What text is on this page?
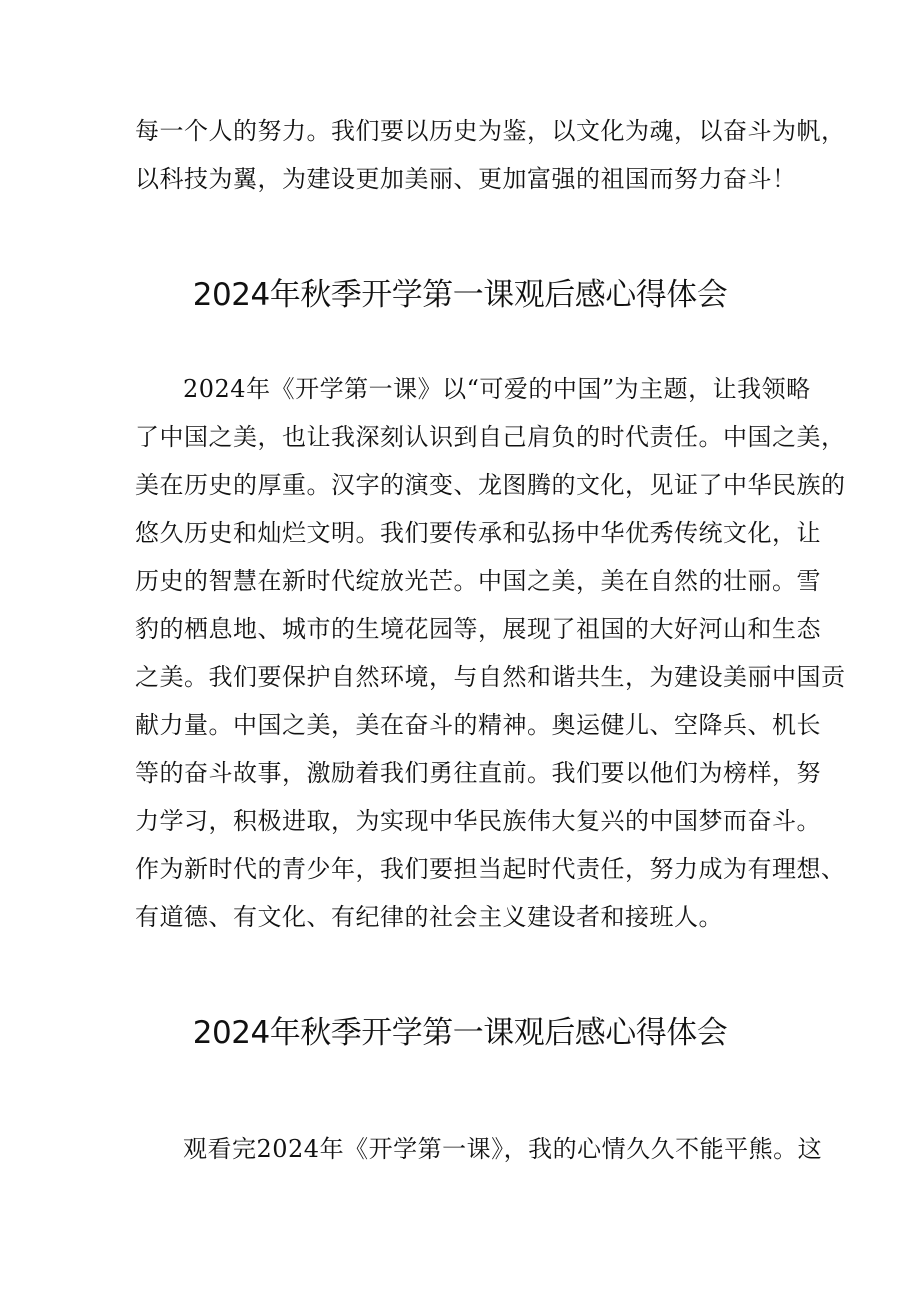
每一个人的努力。我们要以历史为鉴，以文化为魂，以奋斗为帆，
以科技为翼，为建设更加美丽、更加富强的祖国而努力奋斗！
2024年秋季开学第一课观后感心得体会
2024年《开学第一课》以“可爱的中国”为主题，让我领略
了中国之美，也让我深刻认识到自己肩负的时代责任。中国之美，
美在历史的厚重。汉字的演变、龙图腾的文化，见证了中华民族的
悠久历史和灿烂文明。我们要传承和弘扬中华优秀传统文化，让
历史的智慧在新时代绽放光芒。中国之美，美在自然的壮丽。雪
豹的栖息地、城市的生境花园等，展现了祖国的大好河山和生态
之美。我们要保护自然环境，与自然和谐共生，为建设美丽中国贡
献力量。中国之美，美在奋斗的精神。奥运健儿、空降兵、机长
等的奋斗故事，激励着我们勇往直前。我们要以他们为榜样，努
力学习，积极进取，为实现中华民族伟大复兴的中国梦而奋斗。
作为新时代的青少年，我们要担当起时代责任，努力成为有理想、
有道德、有文化、有纪律的社会主义建设者和接班人。
2024年秋季开学第一课观后感心得体会
观看完2024年《开学第一课》，我的心情久久不能平熊。这
